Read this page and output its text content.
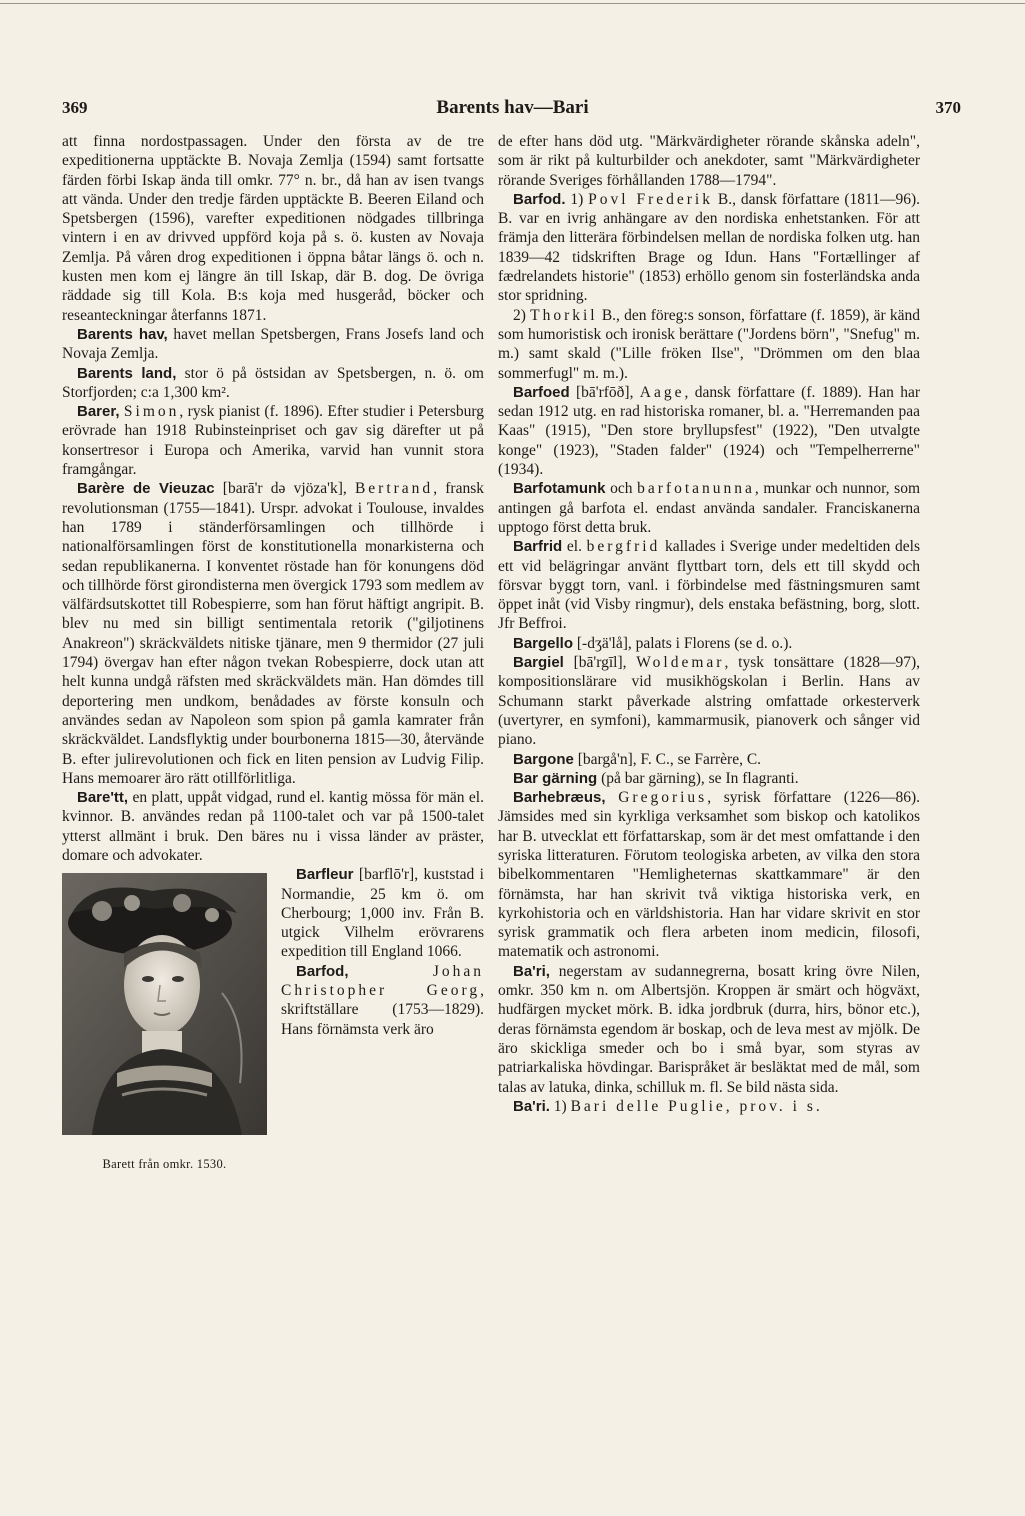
369	Barents hav—Bari	370

att finna nordostpassagen. Under den första av de tre expeditionerna upptäckte B. Novaja Zemlja (1594) samt fortsatte färden förbi Iskap ända till omkr. 77° n. br., då han av isen tvangs att vända. Under den tredje färden upptäckte B. Beeren Eiland och Spetsbergen (1596), varefter expeditionen nödgades tillbringa vintern i en av drivved uppförd koja på s. ö. kusten av Novaja Zemlja. På våren drog expeditionen i öppna båtar längs ö. och n. kusten men kom ej längre än till Iskap, där B. dog. De övriga räddade sig till Kola. B:s koja med husgeråd, böcker och reseanteckningar återfanns 1871.

Barents hav, havet mellan Spetsbergen, Frans Josefs land och Novaja Zemlja.

Barents land, stor ö på östsidan av Spetsbergen, n. ö. om Storfjorden; c:a 1,300 km².

Barer, Simon, rysk pianist (f. 1896). Efter studier i Petersburg erövrade han 1918 Rubinsteinpriset och gav sig därefter ut på konsertresor i Europa och Amerika, varvid han vunnit stora framgångar.

Barère de Vieuzac [barā'r də vjöza'k], Bertrand, fransk revolutionsman (1755—1841). Urspr. advokat i Toulouse, invaldes han 1789 i ständerförsamlingen och tillhörde i nationalförsamlingen först de konstitutionella monarkisterna och sedan republikanerna. I konventet röstade han för konungens död och tillhörde först girondisterna men övergick 1793 som medlem av välfärdsutskottet till Robespierre, som han förut häftigt angripit. B. blev nu med sin billigt sentimentala retorik ("giljotinens Anakreon") skräckväldets nitiske tjänare, men 9 thermidor (27 juli 1794) övergav han efter någon tvekan Robespierre, dock utan att helt kunna undgå räfsten med skräckväldets män. Han dömdes till deportering men undkom, benådades av förste konsuln och användes sedan av Napoleon som spion på gamla kamrater från skräckväldet. Landsflyktig under bourbonerna 1815—30, återvände B. efter julirevolutionen och fick en liten pension av Ludvig Filip. Hans memoarer äro rätt otillförlitliga.

Bare'tt, en platt, uppåt vidgad, rund el. kantig mössa för män el. kvinnor. B. användes redan på 1100-talet och var på 1500-talet ytterst allmänt i bruk. Den bäres nu i vissa länder av präster, domare och advokater.

Barett från omkr. 1530.

Barfleur [barflō'r], kuststad i Normandie, 25 km ö. om Cherbourg; 1,000 inv. Från B. utgick Vilhelm erövrarens expedition till England 1066.

Barfod,	Johan Christopher Georg, skriftställare (1753—1829). Hans förnämsta verk äro

de efter hans död utg. "Märkvärdigheter rörande skånska adeln", som är rikt på kulturbilder och anekdoter, samt "Märkvärdigheter rörande Sveriges förhållanden 1788—1794".

Barfod. 1) Povl Frederik B., dansk författare (1811—96). B. var en ivrig anhängare av den nordiska enhetstanken. För att främja den litterära förbindelsen mellan de nordiska folken utg. han 1839—42 tidskriften Brage og Idun. Hans "Fortællinger af fædrelandets historie" (1853) erhöllo genom sin fosterländska anda stor spridning.

2) Thorkil B., den föreg:s sonson, författare (f. 1859), är känd som humoristisk och ironisk berättare ("Jordens börn", "Snefug" m. m.) samt skald ("Lille fröken Ilse", "Drömmen om den blaa sommerfugl" m. m.).

Barfoed [bā'rfōð], Aage, dansk författare (f. 1889). Han har sedan 1912 utg. en rad historiska romaner, bl. a. "Herremanden paa Kaas" (1915), "Den store bryllupsfest" (1922), "Den utvalgte konge" (1923), "Staden falder" (1924) och "Tempelherrerne" (1934).

Barfotamunk och barfotanunna, munkar och nunnor, som antingen gå barfota el. endast använda sandaler. Franciskanerna upptogo först detta bruk.

Barfrid el. bergfrid kallades i Sverige under medeltiden dels ett vid belägringar använt flyttbart torn, dels ett till skydd och försvar byggt torn, vanl. i förbindelse med fästningsmuren samt öppet inåt (vid Visby ringmur), dels enstaka befästning, borg, slott. Jfr Beffroi.

Bargello [-dʒä'lå], palats i Florens (se d. o.).

Bargiel [bā'rgīl], Woldemar, tysk tonsättare (1828—97), kompositionslärare vid musikhögskolan i Berlin. Hans av Schumann starkt påverkade alstring omfattade orkesterverk (uvertyrer, en symfoni), kammarmusik, pianoverk och sånger vid piano.

Bargone [bargå'n], F. C., se Farrère, C.

Bar gärning (på bar gärning), se In flagranti.

Barhebræus, Gregorius, syrisk författare (1226—86). Jämsides med sin kyrkliga verksamhet som biskop och katolikos har B. utvecklat ett författarskap, som är det mest omfattande i den syriska litteraturen. Förutom teologiska arbeten, av vilka den stora bibelkommentaren "Hemligheternas skattkammare" är den förnämsta, har han skrivit två viktiga historiska verk, en kyrkohistoria och en världshistoria. Han har vidare skrivit en stor syrisk grammatik och flera arbeten inom medicin, filosofi, matematik och astronomi.

Ba'ri, negerstam av sudannegrerna, bosatt kring övre Nilen, omkr. 350 km n. om Albertsjön. Kroppen är smärt och högväxt, hudfärgen mycket mörk. B. idka jordbruk (durra, hirs, bönor etc.), deras förnämsta egendom är boskap, och de leva mest av mjölk. De äro skickliga smeder och bo i små byar, som styras av patriarkaliska hövdingar. Barispråket är besläktat med de mål, som talas av latuka, dinka, schilluk m. fl. Se bild nästa sida.

Ba'ri. 1) Bari delle Puglie, prov. i s.
